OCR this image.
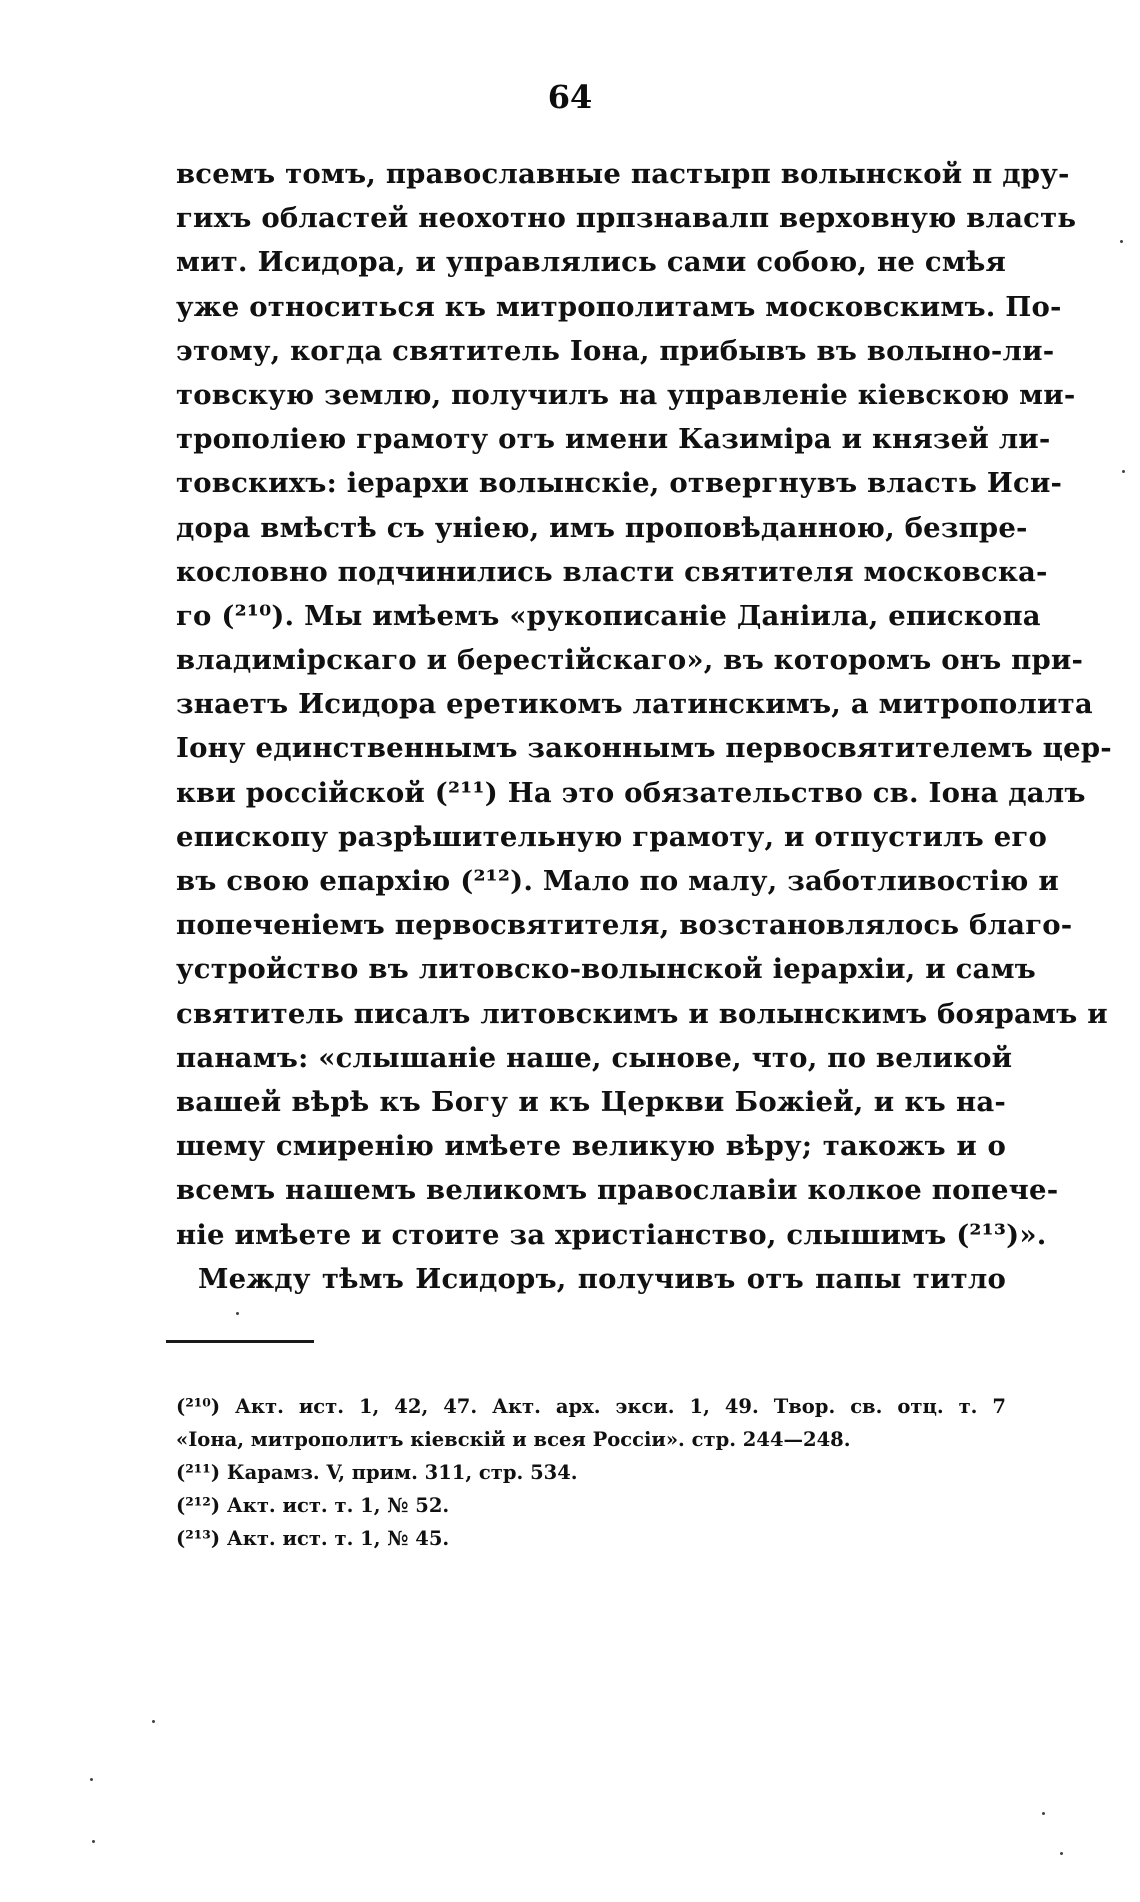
64
всемъ томъ, православные пастырп волынской п дру-
гихъ областей неохотно прпзнавалп верховную власть
мит. Исидора, и управлялись сами собою, не смѣя
уже относиться къ митрополитамъ московскимъ. По-
этому, когда святитель Іона, прибывъ въ волыно-ли-
товскую землю, получилъ на управленіе кіевскою ми-
трополіею грамоту отъ имени Казиміра и князей ли-
товскихъ: іерархи волынскіе, отвергнувъ власть Иси-
дора вмѣстѣ съ уніею, имъ проповѣданною, безпре-
кословно подчинились власти святителя московска-
го (²¹⁰). Мы имѣемъ «рукописаніе Даніила, епископа
владимірскаго и берестійскаго», въ которомъ онъ при-
знаетъ Исидора еретикомъ латинскимъ, а митрополита
Іону единственнымъ законнымъ первосвятителемъ цер-
кви россійской (²¹¹) На это обязательство св. Іона далъ
епископу разрѣшительную грамоту, и отпустилъ его
въ свою епархію (²¹²). Мало по малу, заботливостію и
попеченіемъ первосвятителя, возстановлялось благо-
устройство въ литовско-волынской іерархіи, и самъ
святитель писалъ литовскимъ и волынскимъ боярамъ и
панамъ: «слышаніе наше, сынове, что, по великой
вашей вѣрѣ къ Богу и къ Церкви Божіей, и къ на-
шему смиренію имѣете великую вѣру; такожъ и о
всемъ нашемъ великомъ православіи колкое попече-
ніе имѣете и стоите за христіанство, слышимъ (²¹³)».
Между тѣмъ Исидоръ, получивъ отъ папы титло
(²¹⁰) Акт. ист. 1, 42, 47. Акт. арх. экси. 1, 49. Твор. св. отц. т. 7
«Іона, митрополитъ кіевскій и всея Россіи». стр. 244—248.
(²¹¹) Карамз. V, прим. 311, стр. 534.
(²¹²) Акт. ист. т. 1, № 52.
(²¹³) Акт. ист. т. 1, № 45.
